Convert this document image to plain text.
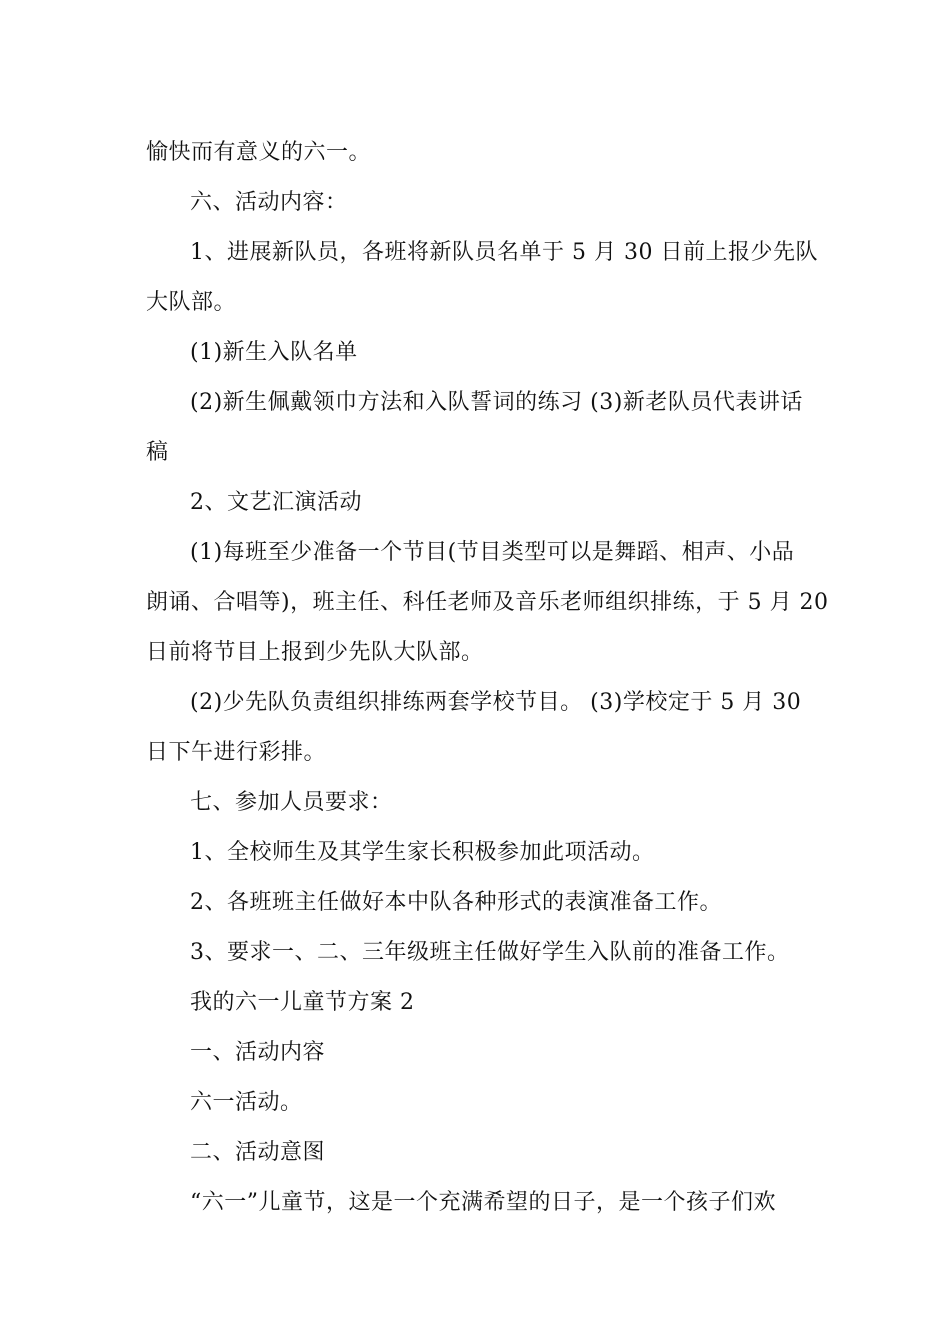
愉快而有意义的六一。
六、活动内容：
1、进展新队员，各班将新队员名单于 5 月 30 日前上报少先队
大队部。
(1)新生入队名单
(2)新生佩戴领巾方法和入队誓词的练习 (3)新老队员代表讲话
稿
2、文艺汇演活动
(1)每班至少准备一个节目(节目类型可以是舞蹈、相声、小品
朗诵、合唱等)，班主任、科任老师及音乐老师组织排练，于 5 月 20
日前将节目上报到少先队大队部。
(2)少先队负责组织排练两套学校节目。 (3)学校定于 5 月 30
日下午进行彩排。
七、参加人员要求：
1、全校师生及其学生家长积极参加此项活动。
2、各班班主任做好本中队各种形式的表演准备工作。
3、要求一、二、三年级班主任做好学生入队前的准备工作。
我的六一儿童节方案 2
一、活动内容
六一活动。
二、活动意图
“六一”儿童节，这是一个充满希望的日子，是一个孩子们欢
